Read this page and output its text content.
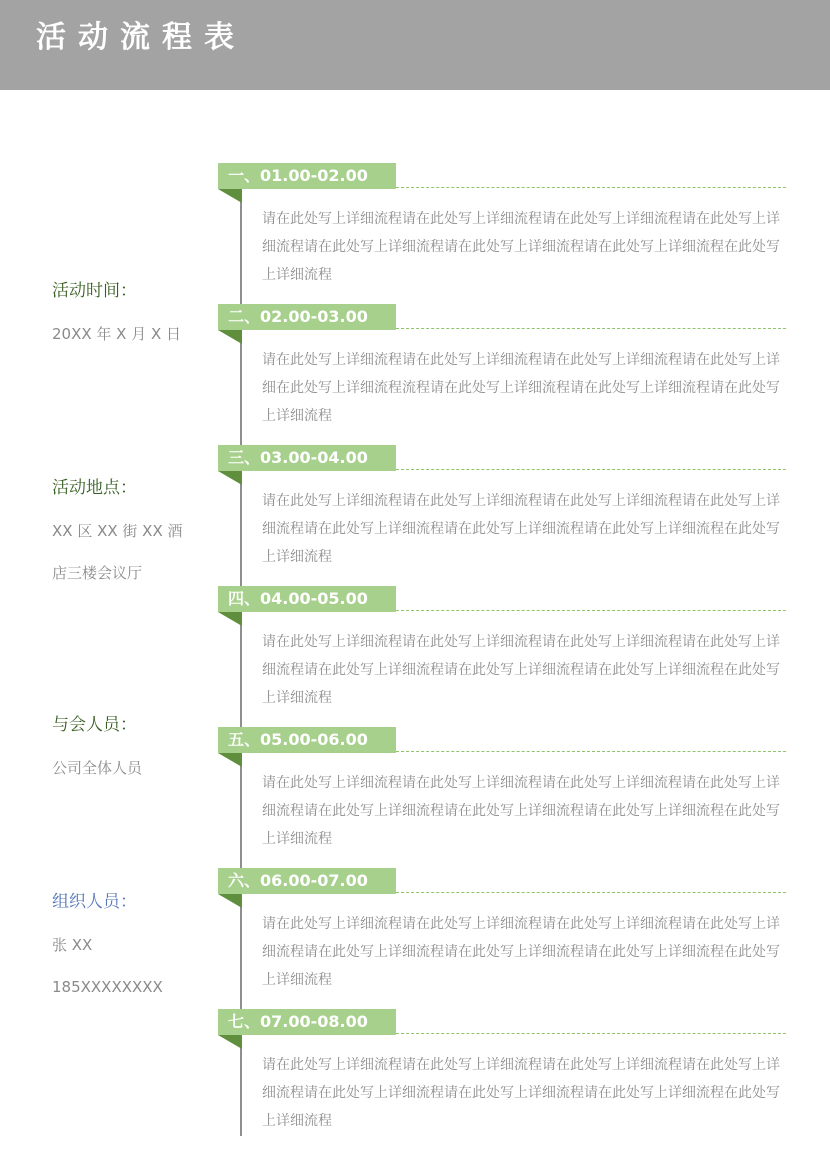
活动流程表
活动时间：
20XX 年 X 月 X 日
活动地点：
XX 区 XX 街 XX 酒
店三楼会议厅
与会人员：
公司全体人员
组织人员：
张 XX
185XXXXXXXX
一、01.00-02.00
请在此处写上详细流程请在此处写上详细流程请在此处写上详细流程请在此处写上详细流程请在此处写上详细流程请在此处写上详细流程请在此处写上详细流程在此处写上详细流程
二、02.00-03.00
请在此处写上详细流程请在此处写上详细流程请在此处写上详细流程请在此处写上详细在此处写上详细流程流程请在此处写上详细流程请在此处写上详细流程请在此处写上详细流程
三、03.00-04.00
请在此处写上详细流程请在此处写上详细流程请在此处写上详细流程请在此处写上详细流程请在此处写上详细流程请在此处写上详细流程请在此处写上详细流程在此处写上详细流程
四、04.00-05.00
请在此处写上详细流程请在此处写上详细流程请在此处写上详细流程请在此处写上详细流程请在此处写上详细流程请在此处写上详细流程请在此处写上详细流程在此处写上详细流程
五、05.00-06.00
请在此处写上详细流程请在此处写上详细流程请在此处写上详细流程请在此处写上详细流程请在此处写上详细流程请在此处写上详细流程请在此处写上详细流程在此处写上详细流程
六、06.00-07.00
请在此处写上详细流程请在此处写上详细流程请在此处写上详细流程请在此处写上详细流程请在此处写上详细流程请在此处写上详细流程请在此处写上详细流程在此处写上详细流程
七、07.00-08.00
请在此处写上详细流程请在此处写上详细流程请在此处写上详细流程请在此处写上详细流程请在此处写上详细流程请在此处写上详细流程请在此处写上详细流程在此处写上详细流程
